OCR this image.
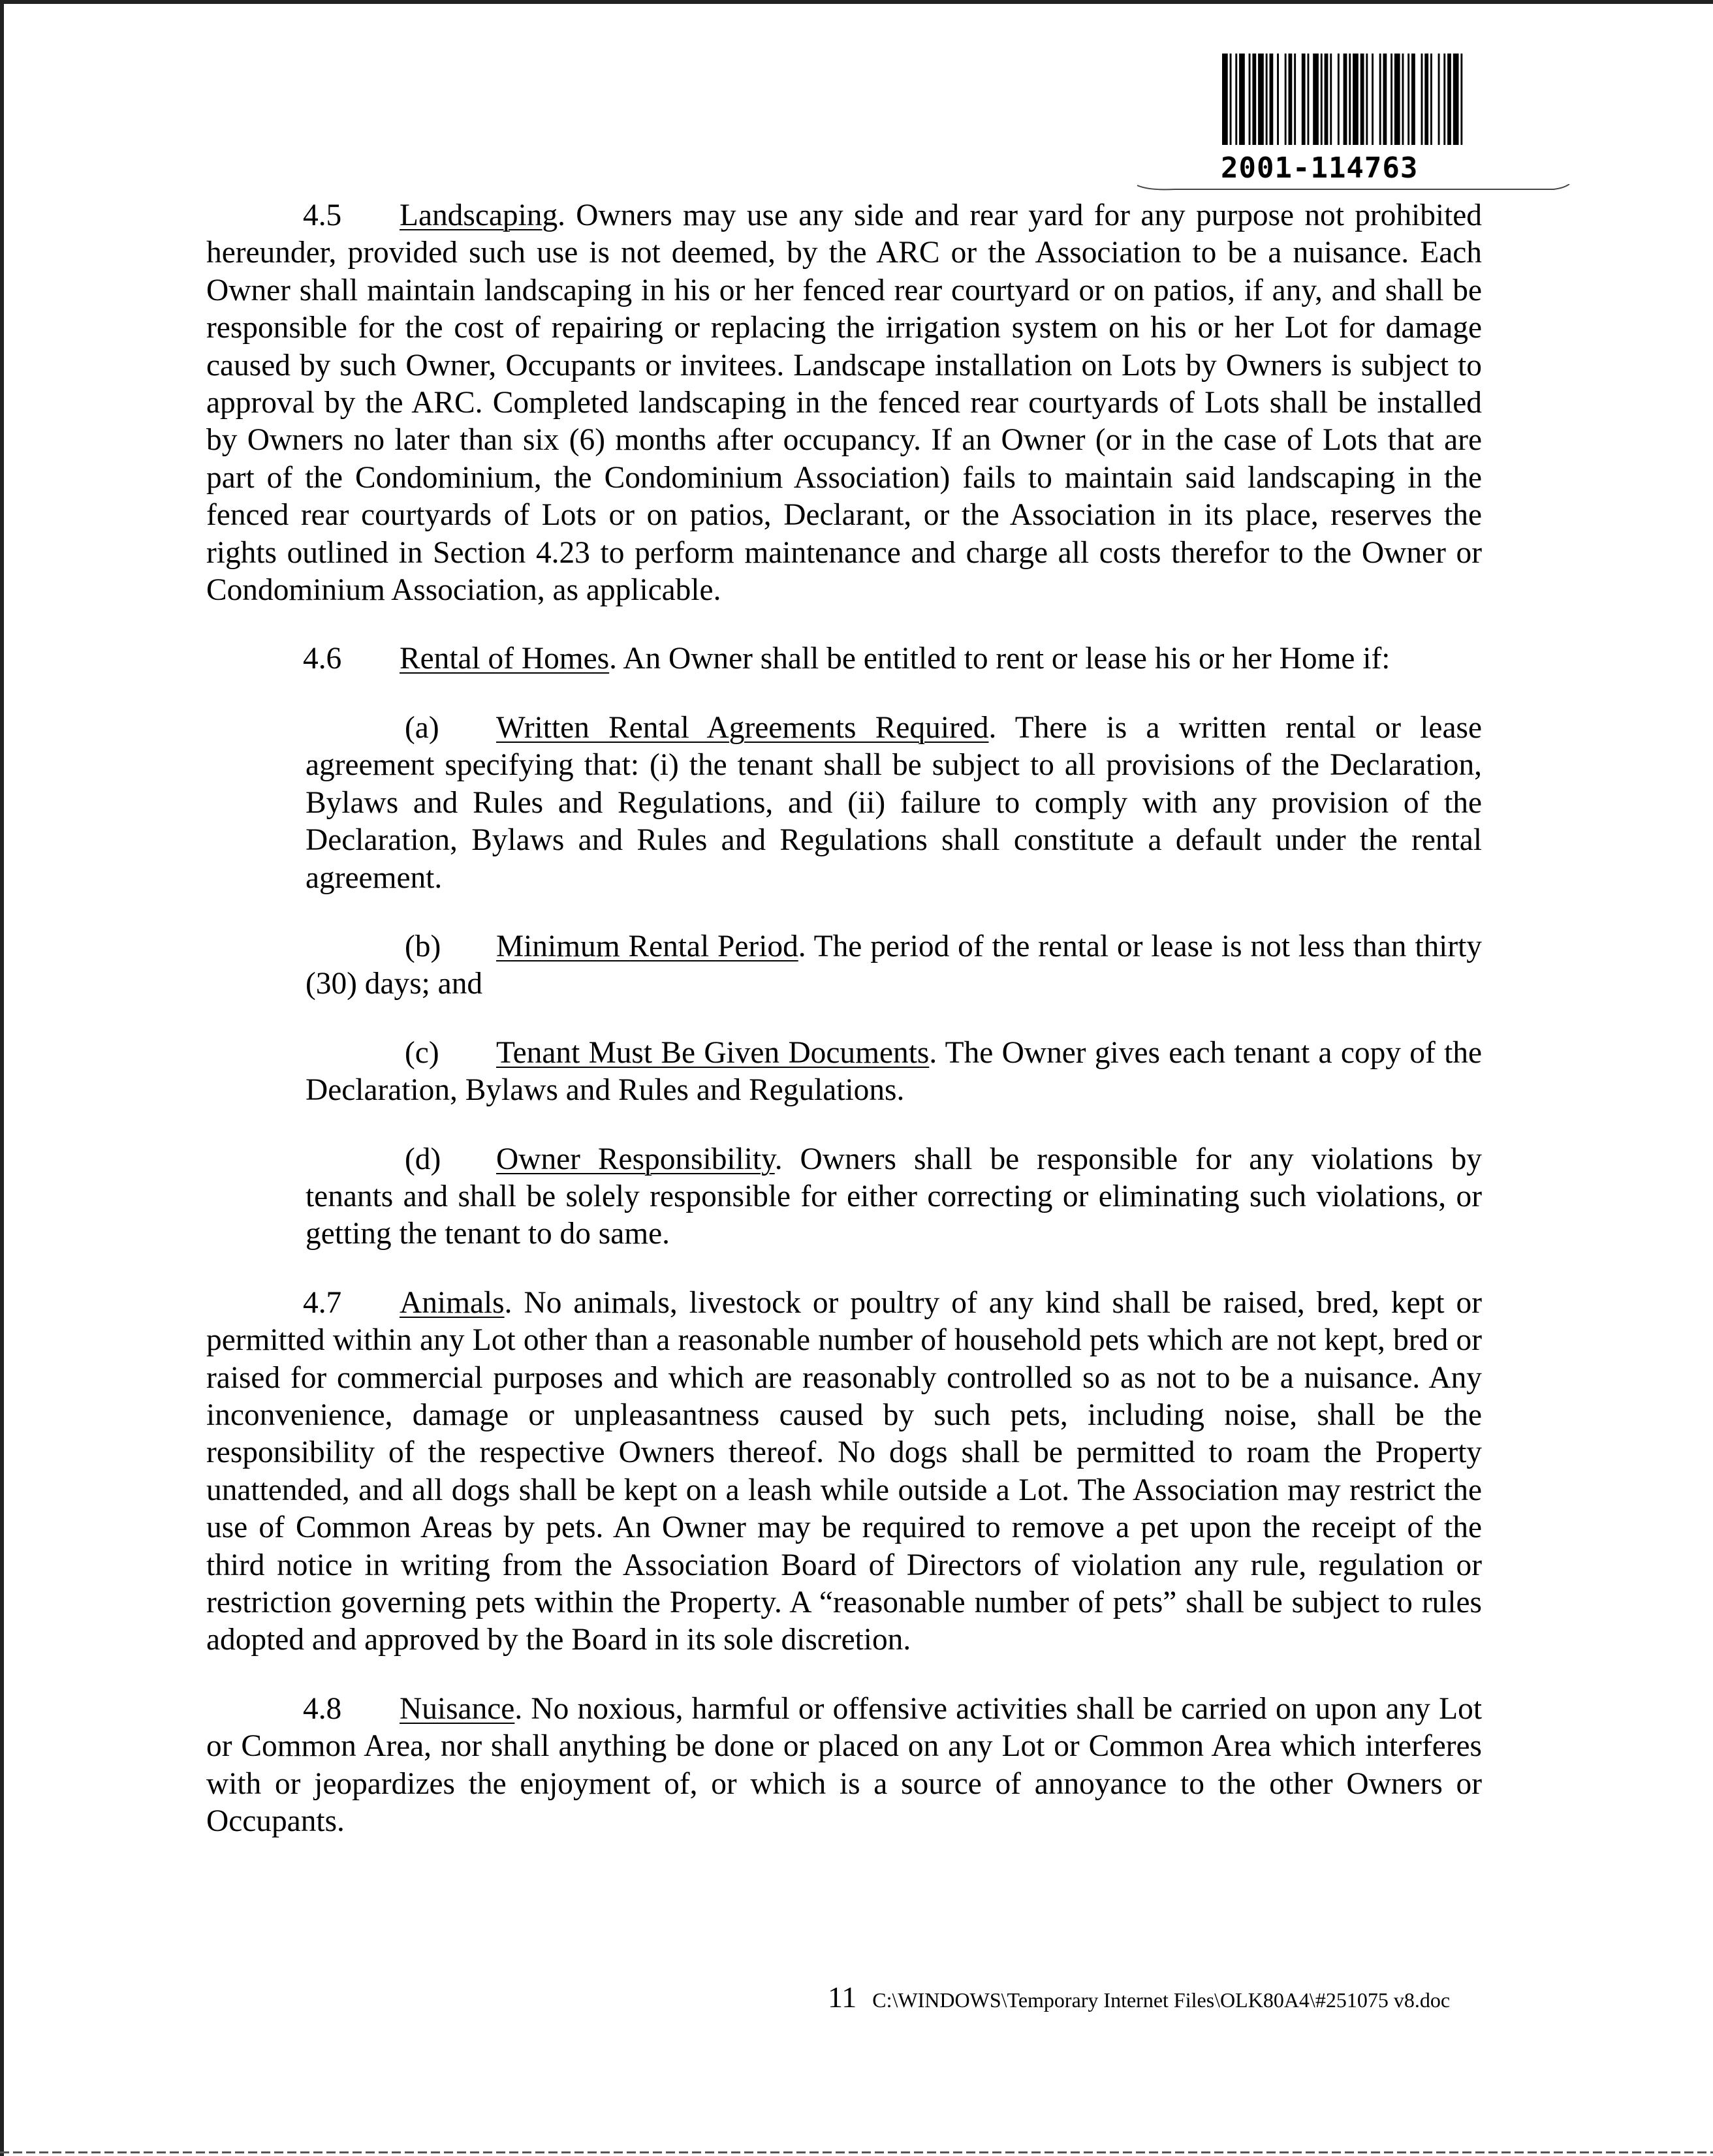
2001-114763

4.5 Landscaping. Owners may use any side and rear yard for any purpose not prohibited hereunder, provided such use is not deemed, by the ARC or the Association to be a nuisance. Each Owner shall maintain landscaping in his or her fenced rear courtyard or on patios, if any, and shall be responsible for the cost of repairing or replacing the irrigation system on his or her Lot for damage caused by such Owner, Occupants or invitees. Landscape installation on Lots by Owners is subject to approval by the ARC. Completed landscaping in the fenced rear courtyards of Lots shall be installed by Owners no later than six (6) months after occupancy. If an Owner (or in the case of Lots that are part of the Condominium, the Condominium Association) fails to maintain said landscaping in the fenced rear courtyards of Lots or on patios, Declarant, or the Association in its place, reserves the rights outlined in Section 4.23 to perform maintenance and charge all costs therefor to the Owner or Condominium Association, as applicable.

4.6 Rental of Homes. An Owner shall be entitled to rent or lease his or her Home if:

(a) Written Rental Agreements Required. There is a written rental or lease agreement specifying that: (i) the tenant shall be subject to all provisions of the Declaration, Bylaws and Rules and Regulations, and (ii) failure to comply with any provision of the Declaration, Bylaws and Rules and Regulations shall constitute a default under the rental agreement.

(b) Minimum Rental Period. The period of the rental or lease is not less than thirty (30) days; and

(c) Tenant Must Be Given Documents. The Owner gives each tenant a copy of the Declaration, Bylaws and Rules and Regulations.

(d) Owner Responsibility. Owners shall be responsible for any violations by tenants and shall be solely responsible for either correcting or eliminating such violations, or getting the tenant to do same.

4.7 Animals. No animals, livestock or poultry of any kind shall be raised, bred, kept or permitted within any Lot other than a reasonable number of household pets which are not kept, bred or raised for commercial purposes and which are reasonably controlled so as not to be a nuisance. Any inconvenience, damage or unpleasantness caused by such pets, including noise, shall be the responsibility of the respective Owners thereof. No dogs shall be permitted to roam the Property unattended, and all dogs shall be kept on a leash while outside a Lot. The Association may restrict the use of Common Areas by pets. An Owner may be required to remove a pet upon the receipt of the third notice in writing from the Association Board of Directors of violation any rule, regulation or restriction governing pets within the Property. A “reasonable number of pets” shall be subject to rules adopted and approved by the Board in its sole discretion.

4.8 Nuisance. No noxious, harmful or offensive activities shall be carried on upon any Lot or Common Area, nor shall anything be done or placed on any Lot or Common Area which interferes with or jeopardizes the enjoyment of, or which is a source of annoyance to the other Owners or Occupants.

11 C:\WINDOWS\Temporary Internet Files\OLK80A4\#251075 v8.doc
